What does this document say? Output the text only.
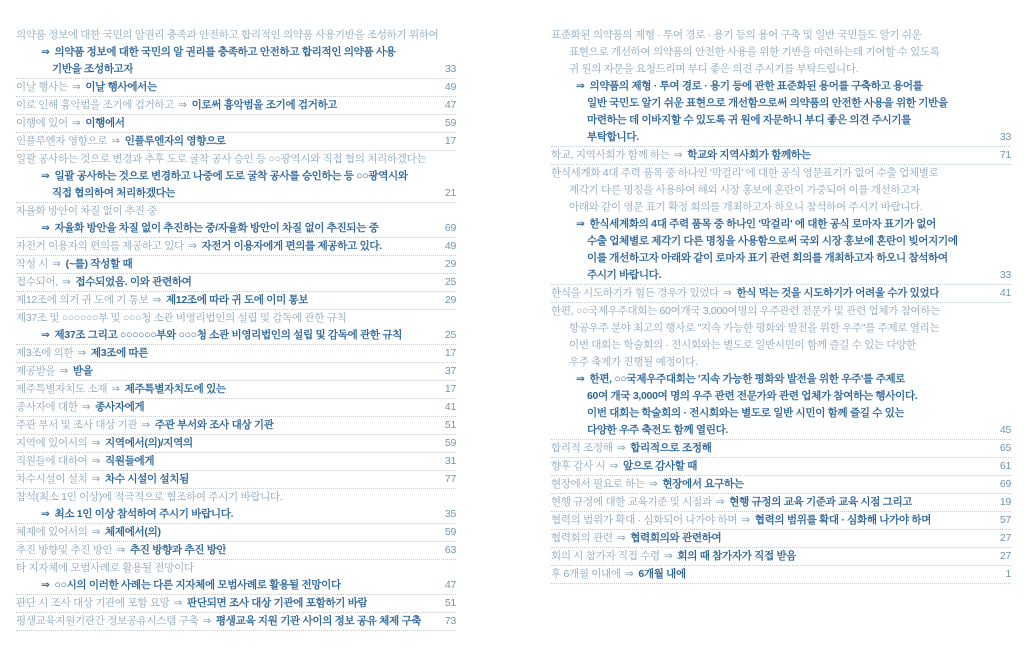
의약품 정보에 대한 국민의 알권리 충족과 안전하고 합리적인 의약품 사용기반을 조성하기 위하여
⇒ 의약품 정보에 대한 국민의 알 권리를 충족하고 안전하고 합리적인 의약품 사용
기반을 조성하고자	33
이날 행사는 ⇒ 이날 행사에서는	49
이로 인해 흉악범을 조기에 검거하고 ⇒ 이로써 흉악범을 조기에 검거하고	47
이행에 있어 ⇒ 이행에서	59
인플루엔자 영향으로 ⇒ 인플루엔자의 영향으로	17
일괄 공사하는 것으로 변경과 추후 도로 굴착 공사 승인 등 ○○광역시와 직접 협의 처리하겠다는
⇒ 일괄 공사하는 것으로 변경하고 나중에 도로 굴착 공사를 승인하는 등 ○○광역시와
직접 협의하여 처리하겠다는	21
자율화 방안이 차질 없이 추진 중
⇒ 자율화 방안을 차질 없이 추진하는 중/자율화 방안이 차질 없이 추진되는 중	69
자전거 이용자의 편의를 제공하고 있다 ⇒ 자전거 이용자에게 편의를 제공하고 있다.	49
작성 시 ⇒ (~를) 작성할 때	29
접수되어, ⇒ 접수되었음. 이와 관련하여	25
제12조에 의거 귀 도에 기 통보 ⇒ 제12조에 따라 귀 도에 이미 통보	29
제37조 및 ○○○○○○부 및 ○○○청 소관 비영리법인의 설립 및 감독에 관한 규칙
⇒ 제37조 그리고 ○○○○○○부와 ○○○청 소관 비영리법인의 설립 및 감독에 관한 규칙	25
제3조에 의한 ⇒ 제3조에 따른	17
제공받을 ⇒ 받을	37
제주특별자치도 소재 ⇒ 제주특별자치도에 있는	17
종사자에 대한 ⇒ 종사자에게	41
주관 부서 및 조사 대상 기관 ⇒ 주관 부서와 조사 대상 기관	51
지역에 있어서의 ⇒ 지역에서(의)/지역의	59
직원들에 대하여 ⇒ 직원들에게	31
차수시설이 설치 ⇒ 차수 시설이 설치됨	77
참석(최소 1인 이상)에 적극적으로 협조하여 주시기 바랍니다.
⇒ 최소 1인 이상 참석하여 주시기 바랍니다.	35
체제에 있어서의 ⇒ 체제에서(의)	59
추진 방향및 추진 방안 ⇒ 추진 방향과 추진 방안	63
타 지자체에 모범사례로 활용될 전망이다
⇒ ○○시의 이러한 사례는 다른 지자체에 모범사례로 활용될 전망이다	47
판단 시 조사 대상 기관에 포함 요망 ⇒ 판단되면 조사 대상 기관에 포함하기 바람	51
평생교육지원기관간 정보공유시스템 구축 ⇒ 평생교육 지원 기관 사이의 정보 공유 체제 구축	73
표준화된 의약품의 제형 · 투여 경로 · 용기 등의 용어 구축 및 일반 국민들도 알기 쉬운
표현으로 개선하여 의약품의 안전한 사용을 위한 기반을 마련하는데 기여할 수 있도록
귀 원의 자문을 요청드리며 부디 좋은 의견 주시기를 부탁드립니다.
⇒ 의약품의 제형 · 투여 경로 · 용기 등에 관한 표준화된 용어를 구축하고 용어를
일반 국민도 알기 쉬운 표현으로 개선함으로써 의약품의 안전한 사용을 위한 기반을
마련하는 데 이바지할 수 있도록 귀 원에 자문하니 부디 좋은 의견 주시기를
부탁합니다.	33
학교, 지역사회가 함께 하는 ⇒ 학교와 지역사회가 함께하는	71
한식세계화 4대 주력 품목 중 하나인 '막걸리' 에 대한 공식 영문표기가 없어 수출 업체별로
제각기 다른 명칭을 사용하여 해외 시장 홍보에 혼란이 가중되어 이를 개선하고자
아래와 같이 영문 표기 확정 회의를 개최하고자 하오니 참석하여 주시기 바랍니다.
⇒ 한식세계화의 4대 주력 품목 중 하나인 '막걸리' 에 대한 공식 로마자 표기가 없어
수출 업체별로 제각기 다른 명칭을 사용함으로써 국외 시장 홍보에 혼란이 빚어지기에
이를 개선하고자 아래와 같이 로마자 표기 관련 회의를 개최하고자 하오니 참석하여
주시기 바랍니다.	33
한식을 시도하기가 힘든 경우가 있었다 ⇒ 한식 먹는 것을 시도하기가 어려울 수가 있었다	41
한편, ○○국제우주대회는 60여개국 3,000여명의 우주관련 전문가 및 관련 업체가 참여하는
항공우주 분야 최고의 행사로 "지속 가능한 평화와 발전을 위한 우주"를 주제로 열리는
이번 대회는 학술회의 · 전시회와는 별도로 일반시민이 함께 즐길 수 있는 다양한
우주 축제가 진행될 예정이다.
⇒ 한편, ○○국제우주대회는 '지속 가능한 평화와 발전을 위한 우주'를 주제로
60여 개국 3,000여 명의 우주 관련 전문가와 관련 업체가 참여하는 행사이다.
이번 대회는 학술회의 · 전시회와는 별도로 일반 시민이 함께 즐길 수 있는
다양한 우주 축전도 함께 열린다.	45
합리적 조정해 ⇒ 합리적으로 조정해	65
향후 감사 시 ⇒ 앞으로 감사할 때	61
현장에서 필요로 하는 ⇒ 현장에서 요구하는	69
현행 규정에 대한 교육기준 및 시점과 ⇒ 현행 규정의 교육 기준과 교육 시점 그리고	19
협력의 범위가 확대 · 심화되어 나가야 하며 ⇒ 협력의 범위를 확대 · 심화해 나가야 하며	57
협력회의 관련 ⇒ 협력회의와 관련하여	27
회의 시 참가자 직접 수령 ⇒ 회의 때 참가자가 직접 받음	27
후 6개월 이내에 ⇒ 6개월 내에	1
